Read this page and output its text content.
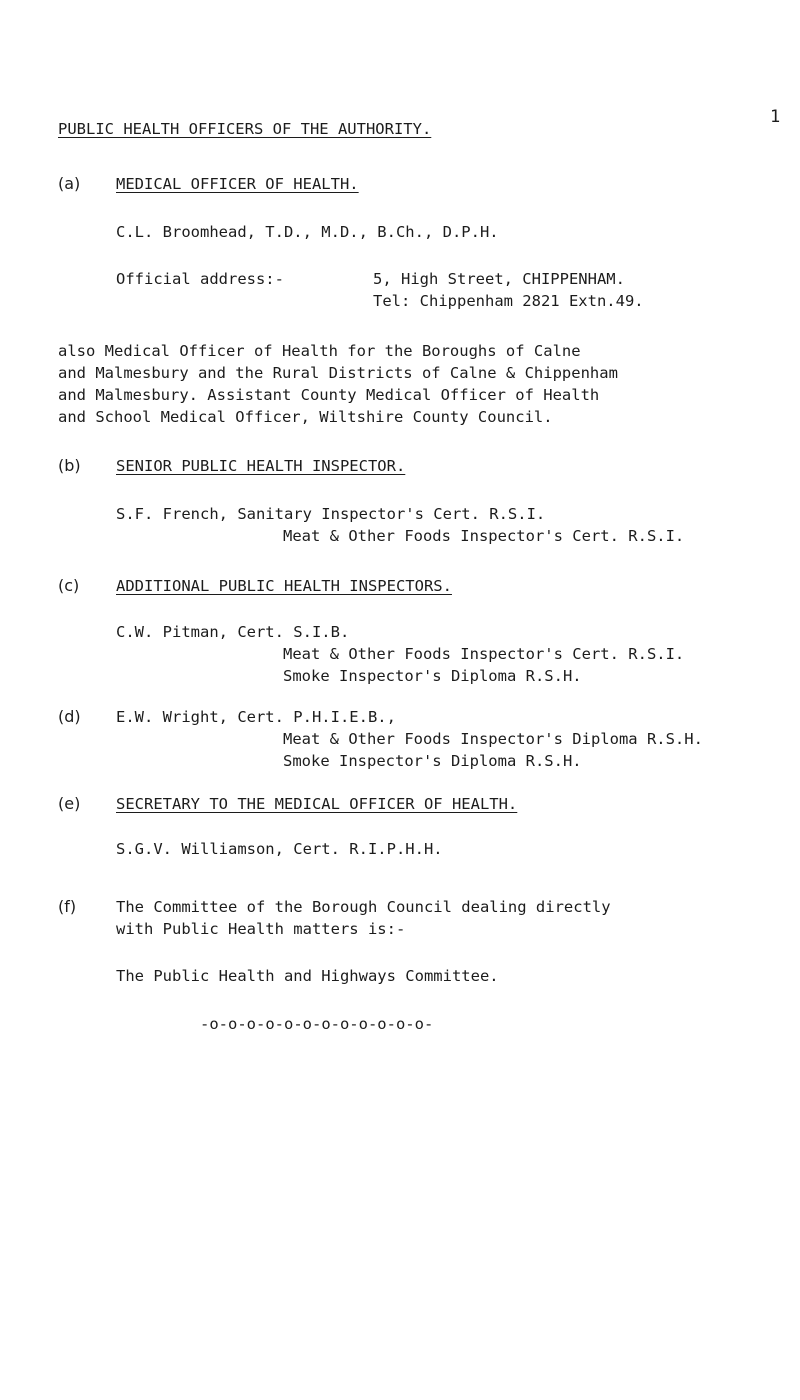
1
PUBLIC HEALTH OFFICERS OF THE AUTHORITY.
(a) MEDICAL OFFICER OF HEALTH.
C.L. Broomhead, T.D., M.D., B.Ch., D.P.H.
Official address:-	5, High Street, CHIPPENHAM.
Tel: Chippenham 2821 Extn.49.
also Medical Officer of Health for the Boroughs of Calne
and Malmesbury and the Rural Districts of Calne & Chippenham
and Malmesbury. Assistant County Medical Officer of Health
and School Medical Officer, Wiltshire County Council.
(b) SENIOR PUBLIC HEALTH INSPECTOR.
S.F. French, Sanitary Inspector's Cert. R.S.I.
Meat & Other Foods Inspector's Cert. R.S.I.
(c) ADDITIONAL PUBLIC HEALTH INSPECTORS.
C.W. Pitman, Cert. S.I.B.
Meat & Other Foods Inspector's Cert. R.S.I.
Smoke Inspector's Diploma R.S.H.
(d) E.W. Wright, Cert. P.H.I.E.B.,
Meat & Other Foods Inspector's Diploma R.S.H.
Smoke Inspector's Diploma R.S.H.
(e) SECRETARY TO THE MEDICAL OFFICER OF HEALTH.
S.G.V. Williamson, Cert. R.I.P.H.H.
(f)	The Committee of the Borough Council dealing directly
with Public Health matters is:-
The Public Health and Highways Committee.
-o-o-o-o-o-o-o-o-o-o-o-o-
